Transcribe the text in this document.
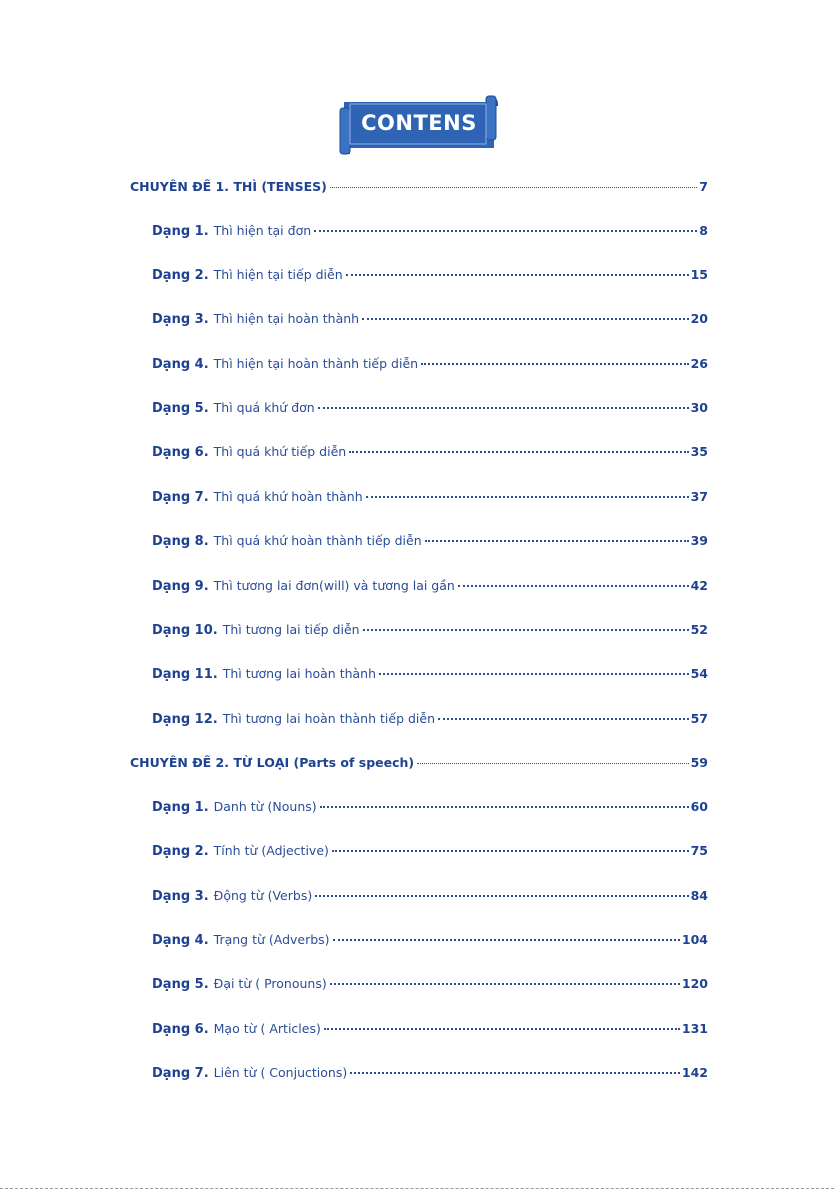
CONTENS
CHUYÊN ĐỀ 1. THÌ (TENSES)	7
Dạng 1. Thì hiện tại đơn	8
Dạng 2. Thì hiện tại tiếp diễn	15
Dạng 3. Thì hiện tại hoàn thành	20
Dạng 4. Thì hiện tại hoàn thành tiếp diễn	26
Dạng 5. Thì quá khứ đơn	30
Dạng 6. Thì quá khứ tiếp diễn	35
Dạng 7. Thì quá khứ hoàn thành	37
Dạng 8. Thì quá khứ hoàn thành tiếp diễn	39
Dạng 9. Thì tương lai đơn(will) và tương lai gần	42
Dạng 10. Thì tương lai tiếp diễn	52
Dạng 11. Thì tương lai hoàn thành	54
Dạng 12. Thì tương lai hoàn thành tiếp diễn	57
CHUYÊN ĐỀ 2. TỪ LOẠI (Parts of speech)	59
Dạng 1. Danh từ (Nouns)	60
Dạng 2. Tính từ (Adjective)	75
Dạng 3. Động từ (Verbs)	84
Dạng 4. Trạng từ (Adverbs)	104
Dạng 5. Đại từ ( Pronouns)	120
Dạng 6. Mạo từ ( Articles)	131
Dạng 7. Liên từ ( Conjuctions)	142
